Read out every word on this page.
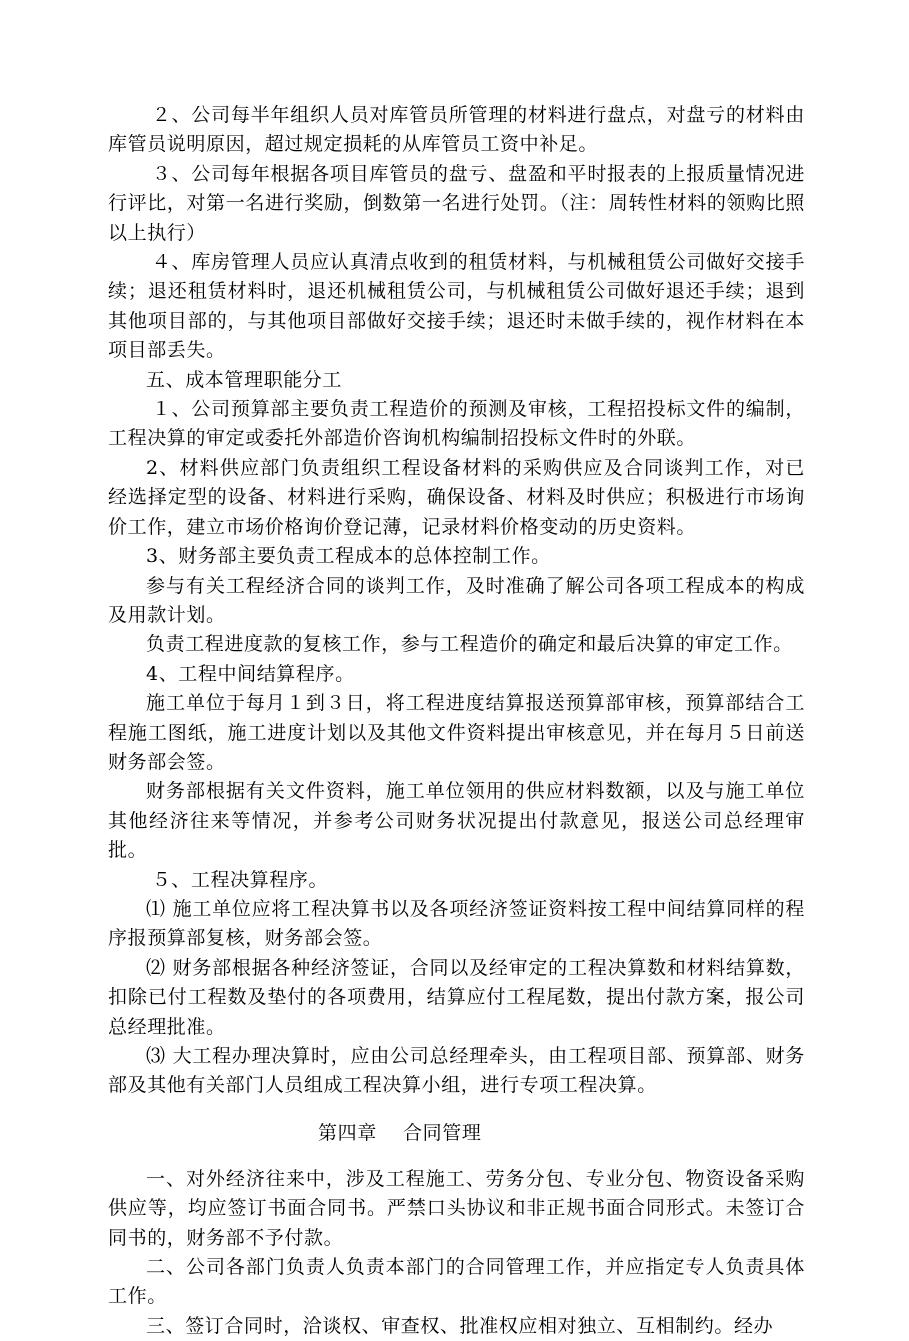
２、公司每半年组织人员对库管员所管理的材料进行盘点，对盘亏的材料由库管员说明原因，超过规定损耗的从库管员工资中补足。

３、公司每年根据各项目库管员的盘亏、盘盈和平时报表的上报质量情况进行评比，对第一名进行奖励，倒数第一名进行处罚。（注：周转性材料的领购比照以上执行）

４、库房管理人员应认真清点收到的租赁材料，与机械租赁公司做好交接手续；退还租赁材料时，退还机械租赁公司，与机械租赁公司做好退还手续；退到其他项目部的，与其他项目部做好交接手续；退还时未做手续的，视作材料在本项目部丢失。

五、成本管理职能分工

１、公司预算部主要负责工程造价的预测及审核，工程招投标文件的编制，工程决算的审定或委托外部造价咨询机构编制招投标文件时的外联。

2、材料供应部门负责组织工程设备材料的采购供应及合同谈判工作，对已经选择定型的设备、材料进行采购，确保设备、材料及时供应；积极进行市场询价工作，建立市场价格询价登记薄，记录材料价格变动的历史资料。

3、财务部主要负责工程成本的总体控制工作。

参与有关工程经济合同的谈判工作，及时准确了解公司各项工程成本的构成及用款计划。

负责工程进度款的复核工作，参与工程造价的确定和最后决算的审定工作。

4、工程中间结算程序。

施工单位于每月１到３日，将工程进度结算报送预算部审核，预算部结合工程施工图纸，施工进度计划以及其他文件资料提出审核意见，并在每月５日前送财务部会签。

财务部根据有关文件资料，施工单位领用的供应材料数额，以及与施工单位其他经济往来等情况，并参考公司财务状况提出付款意见，报送公司总经理审批。

５、工程决算程序。

⑴ 施工单位应将工程决算书以及各项经济签证资料按工程中间结算同样的程序报预算部复核，财务部会签。

⑵ 财务部根据各种经济签证，合同以及经审定的工程决算数和材料结算数，扣除已付工程数及垫付的各项费用，结算应付工程尾数，提出付款方案，报公司总经理批准。

⑶ 大工程办理决算时，应由公司总经理牵头，由工程项目部、预算部、财务部及其他有关部门人员组成工程决算小组，进行专项工程决算。

第四章　 合同管理

一、对外经济往来中，涉及工程施工、劳务分包、专业分包、物资设备采购供应等，均应签订书面合同书。严禁口头协议和非正规书面合同形式。未签订合同书的，财务部不予付款。

二、公司各部门负责人负责本部门的合同管理工作，并应指定专人负责具体工作。

三、签订合同时，洽谈权、审查权、批准权应相对独立、互相制约。经办
